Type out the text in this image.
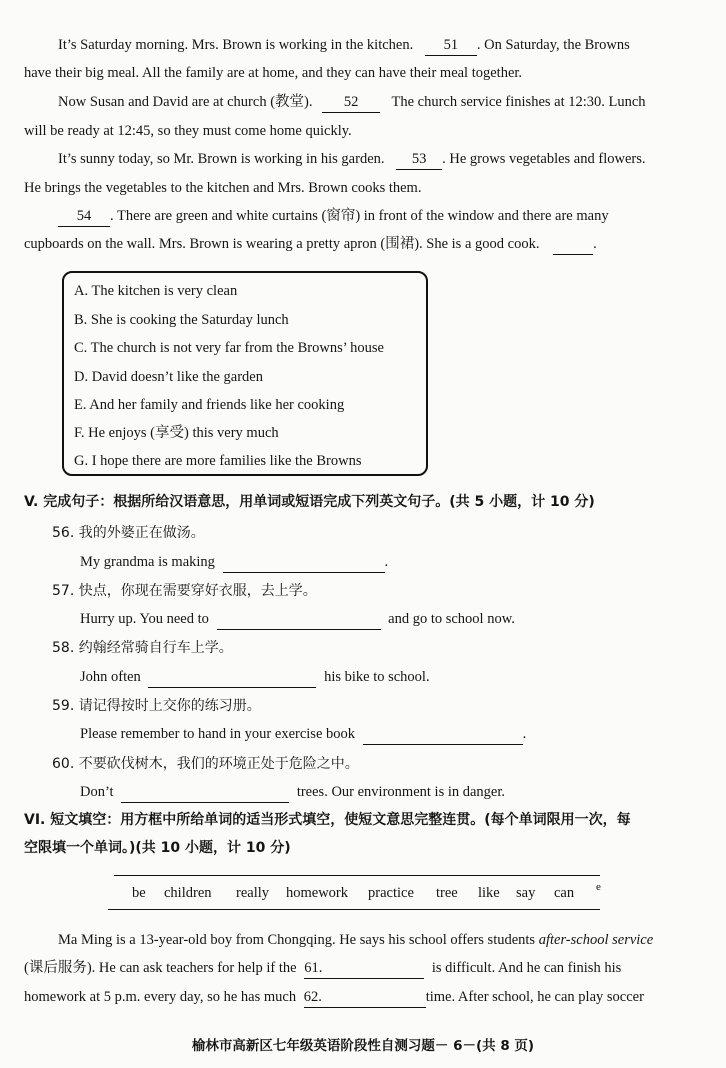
It’s Saturday morning. Mrs. Brown is working in the kitchen. 51 . On Saturday, the Browns
have their big meal. All the family are at home, and they can have their meal together.
Now Susan and David are at church (教堂). 52 The church service finishes at 12:30. Lunch
will be ready at 12:45, so they must come home quickly.
It’s sunny today, so Mr. Brown is working in his garden. 53 . He grows vegetables and flowers.
He brings the vegetables to the kitchen and Mrs. Brown cooks them.
54 . There are green and white curtains (窗帘) in front of the window and there are many
cupboards on the wall. Mrs. Brown is wearing a pretty apron (围裙). She is a good cook.	.
A. The kitchen is very clean
B. She is cooking the Saturday lunch
C. The church is not very far from the Browns’ house
D. David doesn’t like the garden
E. And her family and friends like her cooking
F. He enjoys (享受) this very much
G. I hope there are more families like the Browns
V. 完成句子：根据所给汉语意思，用单词或短语完成下列英文句子。(共 5 小题，计 10 分)
56. 我的外婆正在做汤。
My grandma is making	.
57. 快点，你现在需要穿好衣服，去上学。
Hurry up. You need to	and go to school now.
58. 约翰经常骑自行车上学。
John often	his bike to school.
59. 请记得按时上交你的练习册。
Please remember to hand in your exercise book	.
60. 不要砍伐树木，我们的环境正处于危险之中。
Don’t	trees. Our environment is in danger.
VI. 短文填空：用方框中所给单词的适当形式填空，使短文意思完整连贯。(每个单词限用一次，每
空限填一个单词。)(共 10 小题，计 10 分)
be children really homework practice tree like say can e
Ma Ming is a 13-year-old boy from Chongqing. He says his school offers students after-school service
(课后服务). He can ask teachers for help if the 61.	is difficult. And he can finish his
homework at 5 p.m. every day, so he has much 62.	time. After school, he can play soccer
榆林市高新区七年级英语阶段性自测习题－ 6－(共 8 页)
